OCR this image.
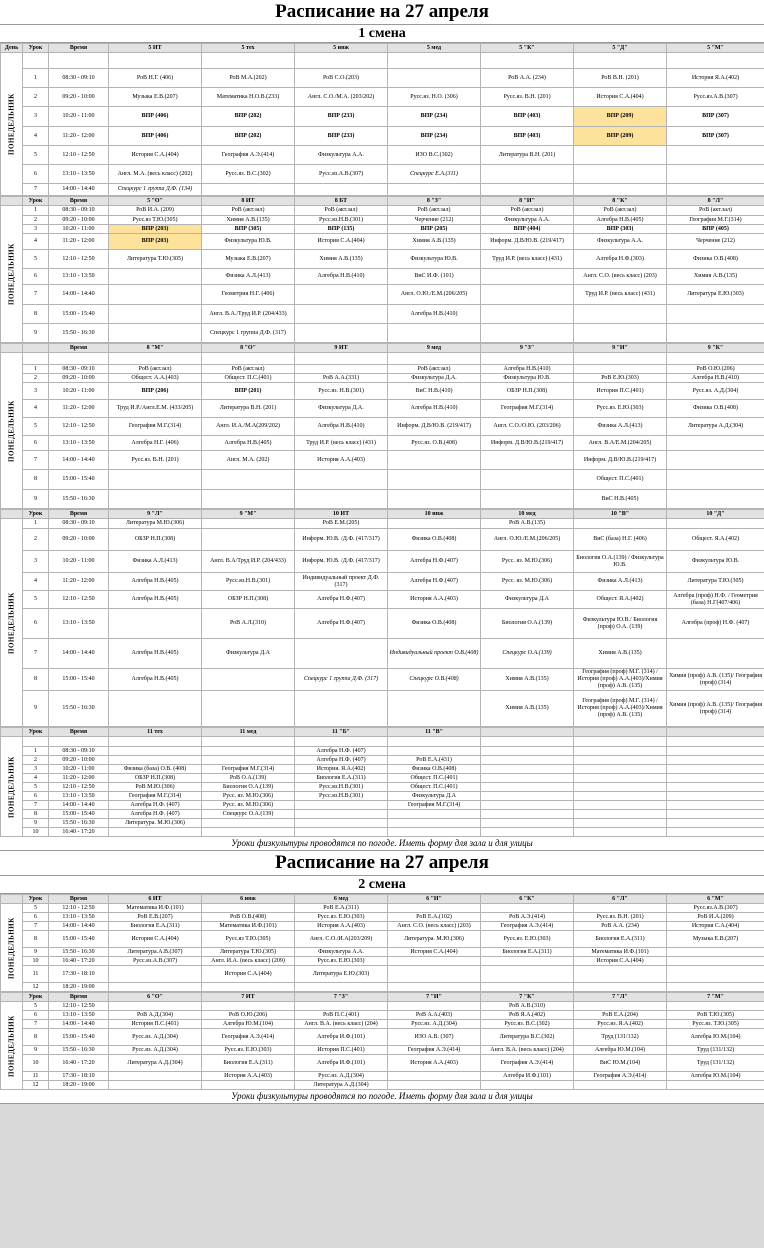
Расписание на 27 апреля
1 смена
День	Урок	Время	5 ИТ	5 тех	5 инж	5 мед	5 "К"	5 "Д"	5 "М"
ПОНЕДЕЛЬНИК									
	1	08:30 - 09:10	РоВ Н.Г. (406)	РоВ М.А.(202)	РоВ С.О.(203)		РоВ А.А. (234)	РоВ В.Н. (201)	История Я.А.(402)
	2	09:20 - 10:00	Музыка Е.В.(207)	Математика Н.О.В.(233)	Англ. С.О./М.А. (203/202)	Русс.яз. Н.О. (306)	Русс.яз. В.Н. (201)	История С.А.(404)	Русс.яз.А.В.(307)
	3	10:20 - 11:00	ВПР (406)	ВПР (202)	ВПР (233)	ВПР (234)	ВПР (403)	ВПР (209)	ВПР (307)
	4	11:20 - 12:00	ВПР (406)	ВПР (202)	ВПР (233)	ВПР (234)	ВПР (403)	ВПР (209)	ВПР (307)
	5	12:10 - 12:50	История С.А.(404)	География А.Э.(414)	Физкультура А.А.	ИЗО В.С.(302)	Литература В.Н. (201)		
	6	13:10 - 13:50	Англ. М.А. (весь класс) (202)	Русс.яз. В.С.(302)	Русс.яз.А.В.(307)	Спецкурс Е.А.(311)			
	7	14:00 - 14:40	Спецкурс 1 группа Д.Ф. (134)						
	Урок	Время	5 "О"	8 ИТ	8 БТ	8 "З"	8 "И"	8 "К"	8 "Л"
ПОНЕДЕЛЬНИК	1	08:30 - 09:10	РоВ И.А. (209)	РоВ (акт.зал)	РоВ (акт.зал)	РоВ (акт.зал)	РоВ (акт.зал)	РоВ (акт.зал)	РоВ (акт.зал)
	2	09:20 - 10:00	Русс.яз Т.Ю.(305)	Химия А.В.(135)	Русс.яз.Н.В.(301)	Черчение (212)	Физкультура А.А.	Алгебра Н.В.(405)	География М.Г.(314)
	3	10:20 - 11:00	ВПР (203)	ВПР (305)	ВПР (135)	ВПР (205)	ВПР (404)	ВПР (303)	ВПР (405)
	4	11:20 - 12:00	ВПР (203)	Физкультура Ю.В.	История С.А.(404)	Химия А.В.(135)	Информ. Д.В/Ю.В. (219/417)	Физкультура А.А.	Черчение (212)
	5	12:10 - 12:50	Литература Т.Ю.(305)	Музыка Е.В.(207)	Химия А.В.(135)	Физкультура Ю.В.	Труд И.Р. (весь класс) (431)	Алгебра Н.Ф.(303)	Физика О.В.(408)
	6	13:10 - 13:50		Физика А.Л.(413)	Алгебра Н.В.(410)	ВиС И.Ф. (101)		Англ. С.О. (весь класс) (203)	Химия А.В.(135)
	7	14:00 - 14:40		Геометрия Н.Г. (406)		Англ. О.Ю./Е.М.(206/205)		Труд И.Р. (весь класс) (431)	Литература Е.Ю.(303)
	8	15:00 - 15:40		Англ. В.А./Труд И.Р. (204/433)		Алгебра Н.В.(410)			
	9	15:50 - 16:30		Спецкурс 1 группа Д.Ф. (317)					
		Время	8 "М"	8 "О"	9 ИТ	9 мед	9 "З"	9 "И"	9 "К"
ПОНЕДЕЛЬНИК									
	1	08:30 - 09:10	РоВ (акт.зал)	РоВ (акт.зал)		РоВ (акт.зал)	Алгебра Н.В.(410)		РоВ О.Ю.(206)
	2	09:20 - 10:00	Общест. А.А.(403)	Общест. П.С.(401)	РоВ А.А.(331)	Физкультура Д.А.	Физкультура Ю.В.	РоВ Е.Ю.(303)	Алгебра Н.В.(410)
	3	10:20 - 11:00	ВПР (206)	ВПР (201)	Русс.яз. Н.В.(301)	ВиС Н.В.(410)	ОБЗР Н.П.(308)	История П.С.(401)	Русс.яз. А.Д.(304)
	4	11:20 - 12:00	Труд И.Р./Англ.Е.М. (433/205)	Литература В.Н. (201)	Физкультура Д.А.	Алгебра Н.В.(410)	География М.Г.(314)	Русс.яз. Е.Ю.(303)	Физика О.В.(408)
	5	12:10 - 12:50	География М.Г.(314)	Англ. И.А./М.А(209/202)	Алгебра Н.В.(410)	Информ. Д.В/Ю.В. (219/417)	Англ. С.О./О.Ю. (203/206)	Физика А.Л.(413)	Литература А.Д.(304)
	6	13:10 - 13:50	Алгебра Н.Г. (406)	Алгебра Н.В.(405)	Труд И.Р. (весь класс) (431)	Русс.яз. О.В.(408)	Информ. Д.В/Ю.В.(219/417)	Англ. В.А/Е.М.(204/205)	
	7	14:00 - 14:40	Русс.яз. В.Н. (201)	Англ. М.А. (202)	История А.А.(403)			Информ. Д.В/Ю.В.(219/417)	
	8	15:00 - 15:40						Общест. П.С.(401)	
	9	15:50 - 16:30						ВиС Н.В.(405)	
	Урок	Время	9 "Л"	9 "М"	10 ИТ	10 инж	10 мед	10 "В"	10 "Д"
ПОНЕДЕЛЬНИК	1	08:30 - 09:10	Литература М.Ю.(306)		РоВ Е.М.(205)		РоВ А.В.(135)		
	2	09:20 - 10:00	ОБЗР Н.П.(308)		Информ. Ю.В. /Д.Ф. (417/317)	Физика О.В.(408)	Англ. О.Ю./Е.М.(206/205)	ВиС (база) Н.Г. (406)	Общест. Я.А.(402)
	3	10:20 - 11:00	Физика А.Л.(413)	Англ. В.А/Труд И.Р. (204/433)	Информ. Ю.В. /Д.Ф. (417/317)	Алгебра Н.Ф.(407)	Русс. яз. М.Ю.(306)	Биология О.А.(139) / Физкультура Ю.В.	Физкультура Ю.В.
	4	11:20 - 12:00	Алгебра Н.В.(405)	Русс.яз.Н.В.(301)	Индивидуальный проект Д.Ф. (317)	Алгебра Н.Ф.(407)	Русс. яз. М.Ю.(306)	Физика А.Л.(413)	Литература Т.Ю.(305)
	5	12:10 - 12:50	Алгебра Н.В.(405)	ОБЗР Н.П.(308)	Алгебра Н.Ф.(407)	История А.А.(403)	Физкультура Д.А	Общест. Я.А.(402)	Алгебра (проф) Н.Ф. / Геометрия (база) Н.Г(407/406)
	6	13:10 - 13:50		РоВ А.Л.(310)	Алгебра Н.Ф.(407)	Физика О.В.(408)	Биология О.А.(139)	Физкультура Ю.В./ Биология (проф) О.А. (139)	Алгебра (проф) Н.Ф. (407)
	7	14:00 - 14:40	Алгебра Н.В.(405)	Физкультура Д.А		Индивидуальный проект О.В.(408)	Спецкурс О.А.(139)	Химия А.В.(135)	
	8	15:00 - 15:40	Алгебра Н.В.(405)		Спецкурс 1 группа Д.Ф. (317)	Спецкурс О.В.(408)	Химия А.В.(135)	География (проф) М.Г. (314) /История (проф) А.А.(403)/Химия (проф) А.В. (135)	Химия (проф) А.В. (135)/ География (проф) (314)
	9	15:50 - 16:30					Химия А.В.(135)	География (проф) М.Г. (314) /История (проф) А.А.(403)/Химия (проф) А.В. (135)	Химия (проф) А.В. (135)/ География (проф) (314)
	Урок	Время	11 тех	11 мед	11 "Б"	11 "В"			
ПОНЕДЕЛЬНИК									
	1	08:30 - 09:10			Алгебра Н.Ф. (407)				
	2	09:20 - 10:00			Алгебра Н.Ф. (407)	РоВ Е.А.(431)			
	3	10:20 - 11:00	Физика (база) О.В. (408)	География М.Г.(314)	История. Я.А.(402)	Физика О.В.(408)			
	4	11:20 - 12:00	ОБЗР Н.П.(308)	РоВ О.А.(139)	Биология Е.А.(311)	Общест. П.С.(401)			
	5	12:10 - 12:50	РоВ М.Ю.(306)	Биология О.А.(139)	Русс.яз.Н.В.(301)	Общест. П.С.(401)			
	6	13:10 - 13:50	География М.Г.(314)	Русс. яз. М.Ю.(306)	Русс.яз.Н.В.(301)	Физкультура Д.А			
	7	14:00 - 14:40	Алгебра Н.Ф. (407)	Русс. яз. М.Ю.(306)		География М.Г.(314)			
	8	15:00 - 15:40	Алгебра Н.Ф. (407)	Спецкурс О.А.(139)					
	9	15:50 - 16:30	Литература. М.Ю.(306)						
	10	16:40 - 17:20							
Уроки физкультуры проводятся по погоде. Иметь форму для зала и для улицы
Расписание на 27 апреля
2 смена
	Урок	Время	6 ИТ	6 инж	6 мед	6 "И"	6 "К"	6 "Л"	6 "М"
ПОНЕДЕЛЬНИК	5	12:10 - 12:50	Математика И.Ф.(101)		РоВ Е.А.(311)				Русс.яз.А.В.(307)
	6	13:10 - 13:50	РоВ Е.В.(207)	РоВ О.В.(408)	Русс.яз. Е.Ю.(303)	РоВ Е.А.(102)	РоВ А.Э.(414)	Русс.яз. В.Н. (201)	РоВ И.А.(209)
	7	14:00 - 14:40	Биология Е.А.(311)	Математика И.Ф.(101)	История А.А.(403)	Англ. С.О. (весь класс) (203)	География А.Э.(414)	РоВ А.А. (234)	История С.А.(404)
	8	15:00 - 15:40	История С.А.(404)	Русс.яз Т.Ю.(305)	Англ. С.О./И.А(203/209)	Литература. М.Ю.(306)	Русс.яз. Е.Ю.(303)	Биология Е.А.(311)	Музыка Е.В.(207)
	9	15:50 - 16:30	Литература.А.В.(307)	Литература Т.Ю.(305)	Физкультура А.А.	История С.А.(404)	Биология Е.А.(311)	Математика И.Ф.(101)	
	10	16:40 - 17:20	Русс.яз.А.В.(307)	Англ. И.А. (весь класс) (209)	Русс.яз. Е.Ю.(303)			История С.А.(404)	
	11	17:30 - 18:10		История С.А.(404)	Литература Е.Ю.(303)				
	12	18:20 - 19:00							
	Урок	Время	6 "О"	7 ИТ	7 "З"	7 "И"	7 "К"	7 "Л"	7 "М"
ПОНЕДЕЛЬНИК	5	12:10 - 12:50					РоВ А.В.(310)		
	6	13:10 - 13:50	РоВ А.Д.(304)	РоВ О.Ю.(206)	РоВ П.С.(401)	РоВ А.А.(403)	РоВ Я.А.(402)	РоВ Е.А.(204)	РоВ Т.Ю.(305)
	7	14:00 - 14:40	История П.С.(401)	Алгебра Ю.М.(104)	Англ. В.А. (весь класс) (204)	Русс.яз. А.Д.(304)	Русс.яз. В.С.(302)	Русс.яз. Я.А.(402)	Русс.яз. Т.Ю.(305)
	8	15:00 - 15:40	Русс.яз. А.Д.(304)	География А.Э.(414)	Алгебра И.Ф.(101)	ИЗО А.В. (307)	Литература В.С.(302)	Труд (131/132)	Алгебра Ю.М.(104)
	9	15:50 - 16:30	Русс.яз. А.Д.(304)	Русс.яз. Е.Ю.(303)	История П.С.(401)	География А.Э.(414)	Англ. В.А. (весь класс) (204)	Алгебра Ю.М.(104)	Труд (131/132)
	10	16:40 - 17:20	Литература А.Д.(304)	Биология Е.А.(311)	Алгебра И.Ф.(101)	История А.А.(403)	География А.Э.(414)	ВиС Ю.М.(104)	Труд (131/132)
	11	17:30 - 18:10		История А.А.(403)	Русс.яз. А.Д.(304)		Алгебра И.Ф.(101)	География А.Э.(414)	Алгебра Ю.М.(104)
	12	18:20 - 19:00			Литература А.Д.(304)				
Уроки физкультуры проводятся по погоде. Иметь форму для зала и для улицы
